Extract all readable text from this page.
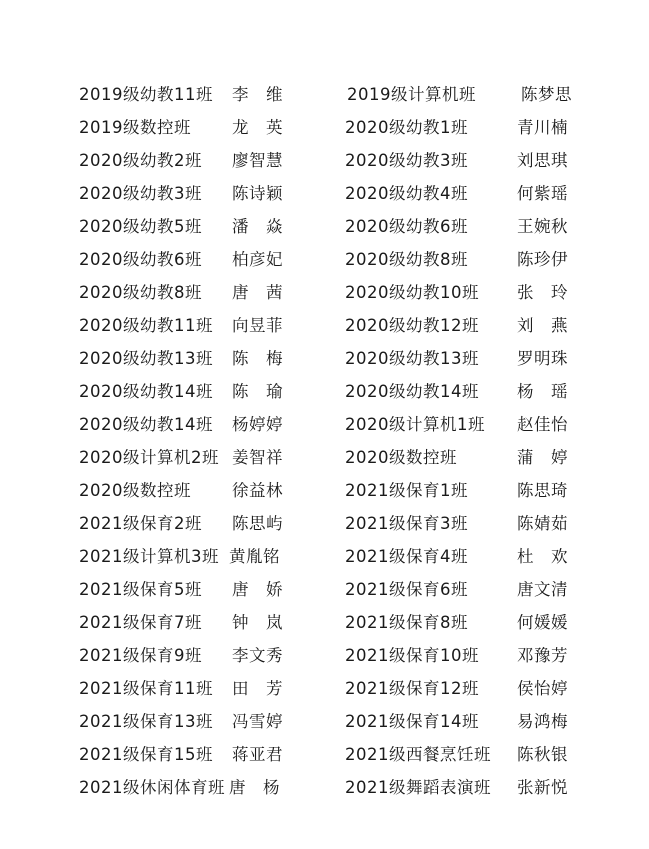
2019级幼教11班 李　维	2019级计算机班	陈梦思
2019级数控班 龙　英	2020级幼教1班	青川楠
2020级幼教2班 廖智慧	2020级幼教3班	刘思琪
2020级幼教3班 陈诗颖	2020级幼教4班	何紫瑶
2020级幼教5班 潘　焱	2020级幼教6班	王婉秋
2020级幼教6班 柏彦妃	2020级幼教8班	陈珍伊
2020级幼教8班 唐　茜	2020级幼教10班 张　玲
2020级幼教11班 向昱菲	2020级幼教12班 刘　燕
2020级幼教13班 陈　梅	2020级幼教13班 罗明珠
2020级幼教14班 陈　瑜	2020级幼教14班 杨　瑶
2020级幼教14班 杨婷婷	2020级计算机1班 赵佳怡
2020级计算机2班 姜智祥	2020级数控班	蒲　婷
2020级数控班 徐益林	2021级保育1班	陈思琦
2021级保育2班 陈思屿	2021级保育3班	陈婧茹
2021级计算机3班 黄胤铭	2021级保育4班	杜　欢
2021级保育5班 唐　娇	2021级保育6班	唐文清
2021级保育7班 钟　岚	2021级保育8班	何媛媛
2021级保育9班 李文秀	2021级保育10班 邓豫芳
2021级保育11班 田　芳	2021级保育12班 侯怡婷
2021级保育13班 冯雪婷	2021级保育14班 易鸿梅
2021级保育15班 蒋亚君	2021级西餐烹饪班 陈秋银
2021级休闲体育班 唐　杨	2021级舞蹈表演班 张新悦
